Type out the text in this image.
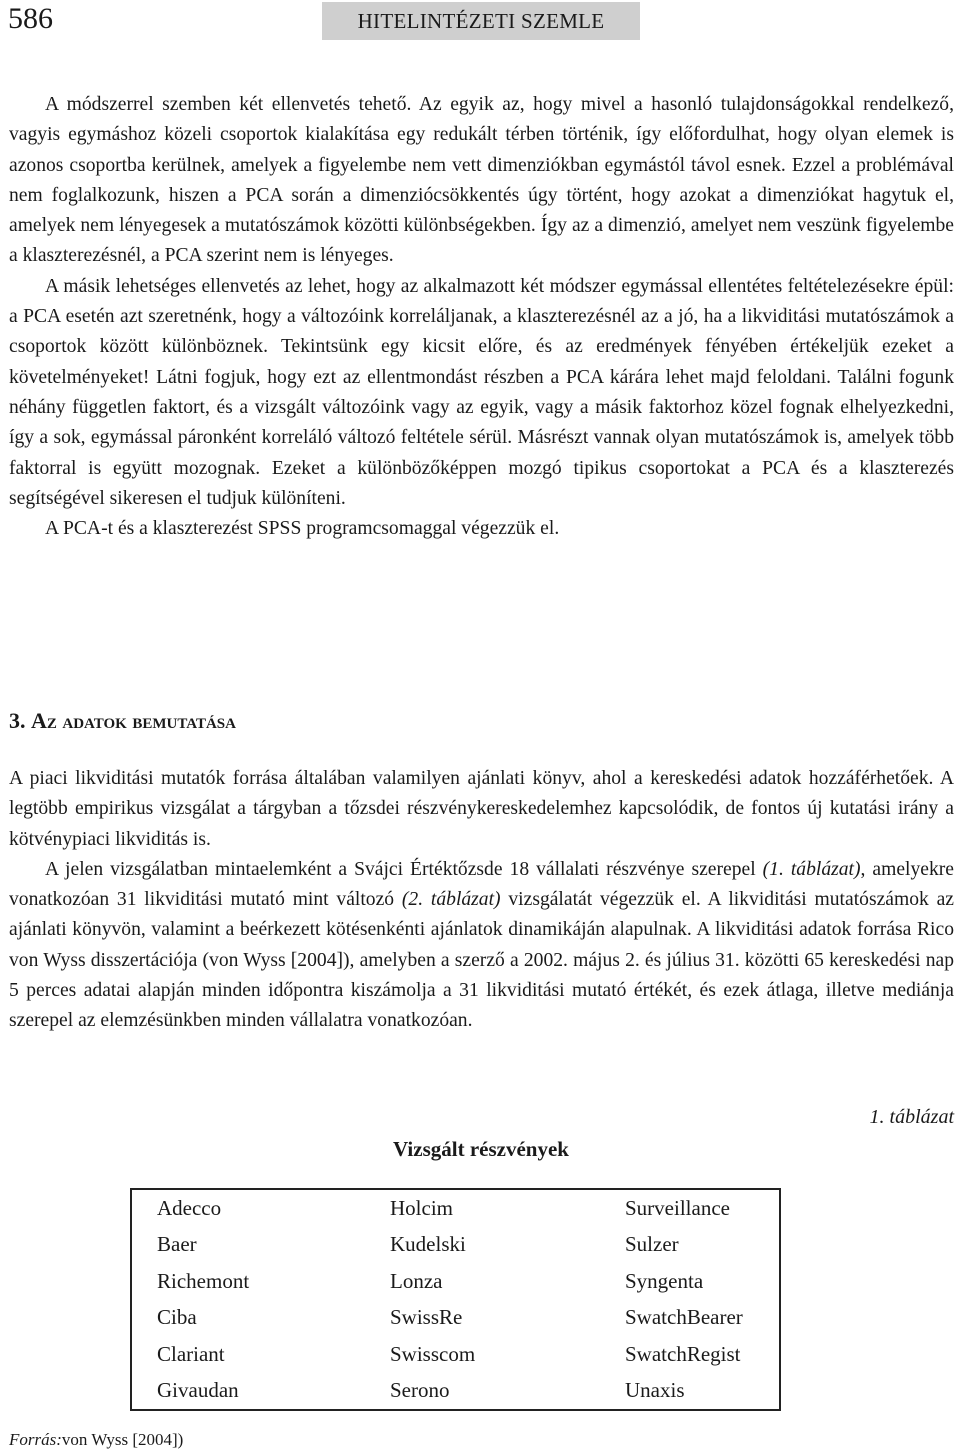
586	HITELINTÉZETI SZEMLE

A módszerrel szemben két ellenvetés tehető. Az egyik az, hogy mivel a hasonló tulajdonságokkal rendelkező, vagyis egymáshoz közeli csoportok kialakítása egy redukált térben történik, így előfordulhat, hogy olyan elemek is azonos csoportba kerülnek, amelyek a figyelembe nem vett dimenziókban egymástól távol esnek. Ezzel a problémával nem foglalkozunk, hiszen a PCA során a dimenziócsökkentés úgy történt, hogy azokat a dimenziókat hagytuk el, amelyek nem lényegesek a mutatószámok közötti különbségekben. Így az a dimenzió, amelyet nem veszünk figyelembe a klaszterezésnél, a PCA szerint nem is lényeges.

A másik lehetséges ellenvetés az lehet, hogy az alkalmazott két módszer egymással ellentétes feltételezésekre épül: a PCA esetén azt szeretnénk, hogy a változóink korreláljanak, a klaszterezésnél az a jó, ha a likviditási mutatószámok a csoportok között különböznek. Tekintsünk egy kicsit előre, és az eredmények fényében értékeljük ezeket a követelményeket! Látni fogjuk, hogy ezt az ellentmondást részben a PCA kárára lehet majd feloldani. Találni fogunk néhány független faktort, és a vizsgált változóink vagy az egyik, vagy a másik faktorhoz közel fognak elhelyezkedni, így a sok, egymással páronként korreláló változó feltétele sérül. Másrészt vannak olyan mutatószámok is, amelyek több faktorral is együtt mozognak. Ezeket a különbözőképpen mozgó tipikus csoportokat a PCA és a klaszterezés segítségével sikeresen el tudjuk különíteni.

A PCA-t és a klaszterezést SPSS programcsomaggal végezzük el.

3. Az adatok bemutatása

A piaci likviditási mutatók forrása általában valamilyen ajánlati könyv, ahol a kereskedési adatok hozzáférhetőek. A legtöbb empirikus vizsgálat a tárgyban a tőzsdei részvénykereskedelemhez kapcsolódik, de fontos új kutatási irány a kötvénypiaci likviditás is.

A jelen vizsgálatban mintaelemként a Svájci Értéktőzsde 18 vállalati részvénye szerepel (1. táblázat), amelyekre vonatkozóan 31 likviditási mutató mint változó (2. táblázat) vizsgálatát végezzük el. A likviditási mutatószámok az ajánlati könyvön, valamint a beérkezett kötésenkénti ajánlatok dinamikáján alapulnak. A likviditási adatok forrása Rico von Wyss disszertációja (von Wyss [2004]), amelyben a szerző a 2002. május 2. és július 31. közötti 65 kereskedési nap 5 perces adatai alapján minden időpontra kiszámolja a 31 likviditási mutató értékét, és ezek átlaga, illetve mediánja szerepel az elemzésünkben minden vállalatra vonatkozóan.

1. táblázat
Vizsgált részvények
Adecco	Holcim	Surveillance
Baer	Kudelski	Sulzer
Richemont	Lonza	Syngenta
Ciba	SwissRe	SwatchBearer
Clariant	Swisscom	SwatchRegist
Givaudan	Serono	Unaxis
Forrás:von Wyss [2004])
